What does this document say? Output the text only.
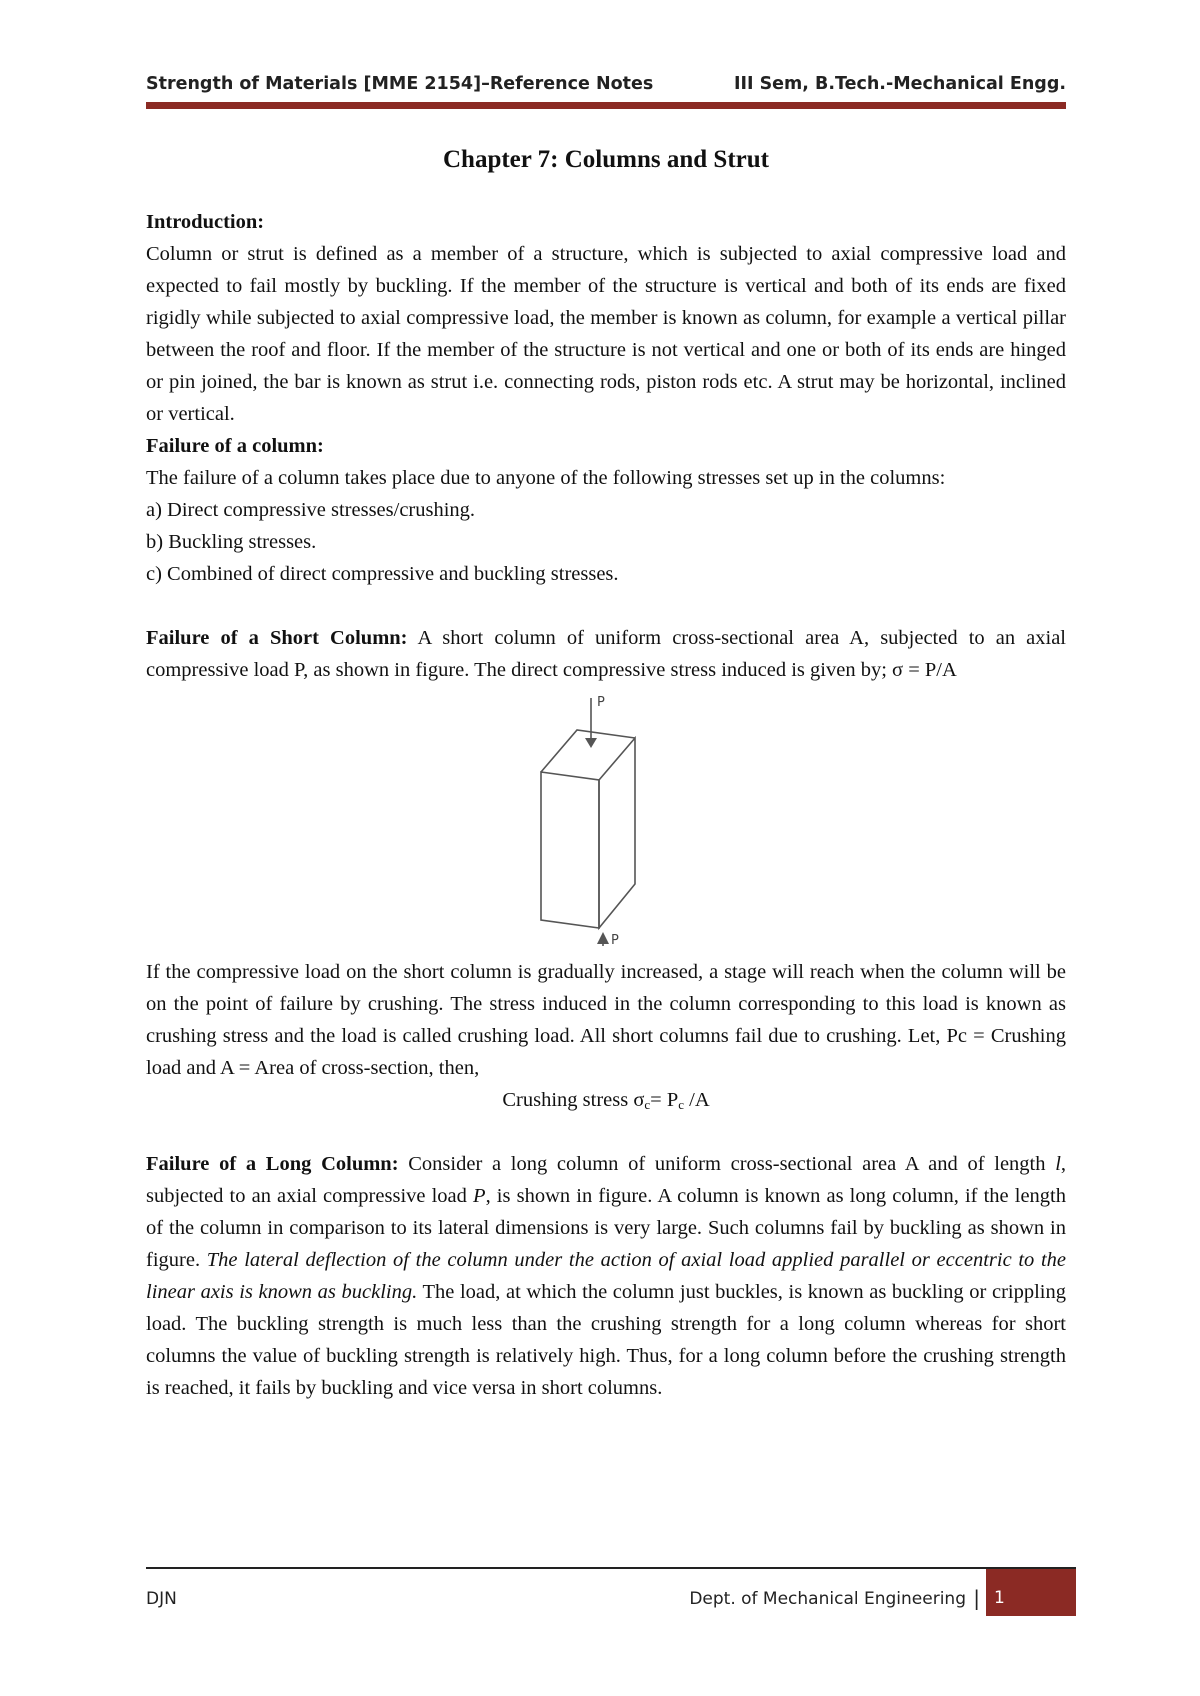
Strength of Materials [MME 2154]–Reference Notes	III Sem, B.Tech.-Mechanical Engg.
Chapter 7: Columns and Strut

Introduction:

Column or strut is defined as a member of a structure, which is subjected to axial compressive load and expected to fail mostly by buckling. If the member of the structure is vertical and both of its ends are fixed rigidly while subjected to axial compressive load, the member is known as column, for example a vertical pillar between the roof and floor. If the member of the structure is not vertical and one or both of its ends are hinged or pin joined, the bar is known as strut i.e. connecting rods, piston rods etc. A strut may be horizontal, inclined or vertical.

Failure of a column:

The failure of a column takes place due to anyone of the following stresses set up in the columns:

a) Direct compressive stresses/crushing.

b) Buckling stresses.

c) Combined of direct compressive and buckling stresses.

Failure of a Short Column: A short column of uniform cross-sectional area A, subjected to an axial compressive load P, as shown in figure. The direct compressive stress induced is given by; σ = P/A

P
P

If the compressive load on the short column is gradually increased, a stage will reach when the column will be on the point of failure by crushing. The stress induced in the column corresponding to this load is known as crushing stress and the load is called crushing load. All short columns fail due to crushing. Let, Pc = Crushing load and A = Area of cross-section, then,

Crushing stress $\sigma_c= P_c$ /A

Failure of a Long Column: Consider a long column of uniform cross-sectional area A and of length l, subjected to an axial compressive load P, is shown in figure. A column is known as long column, if the length of the column in comparison to its lateral dimensions is very large. Such columns fail by buckling as shown in figure. The lateral deflection of the column under the action of axial load applied parallel or eccentric to the linear axis is known as buckling. The load, at which the column just buckles, is known as buckling or crippling load. The buckling strength is much less than the crushing strength for a long column whereas for short columns the value of buckling strength is relatively high. Thus, for a long column before the crushing strength is reached, it fails by buckling and vice versa in short columns.

DJN	Dept. of Mechanical Engineering | 1
